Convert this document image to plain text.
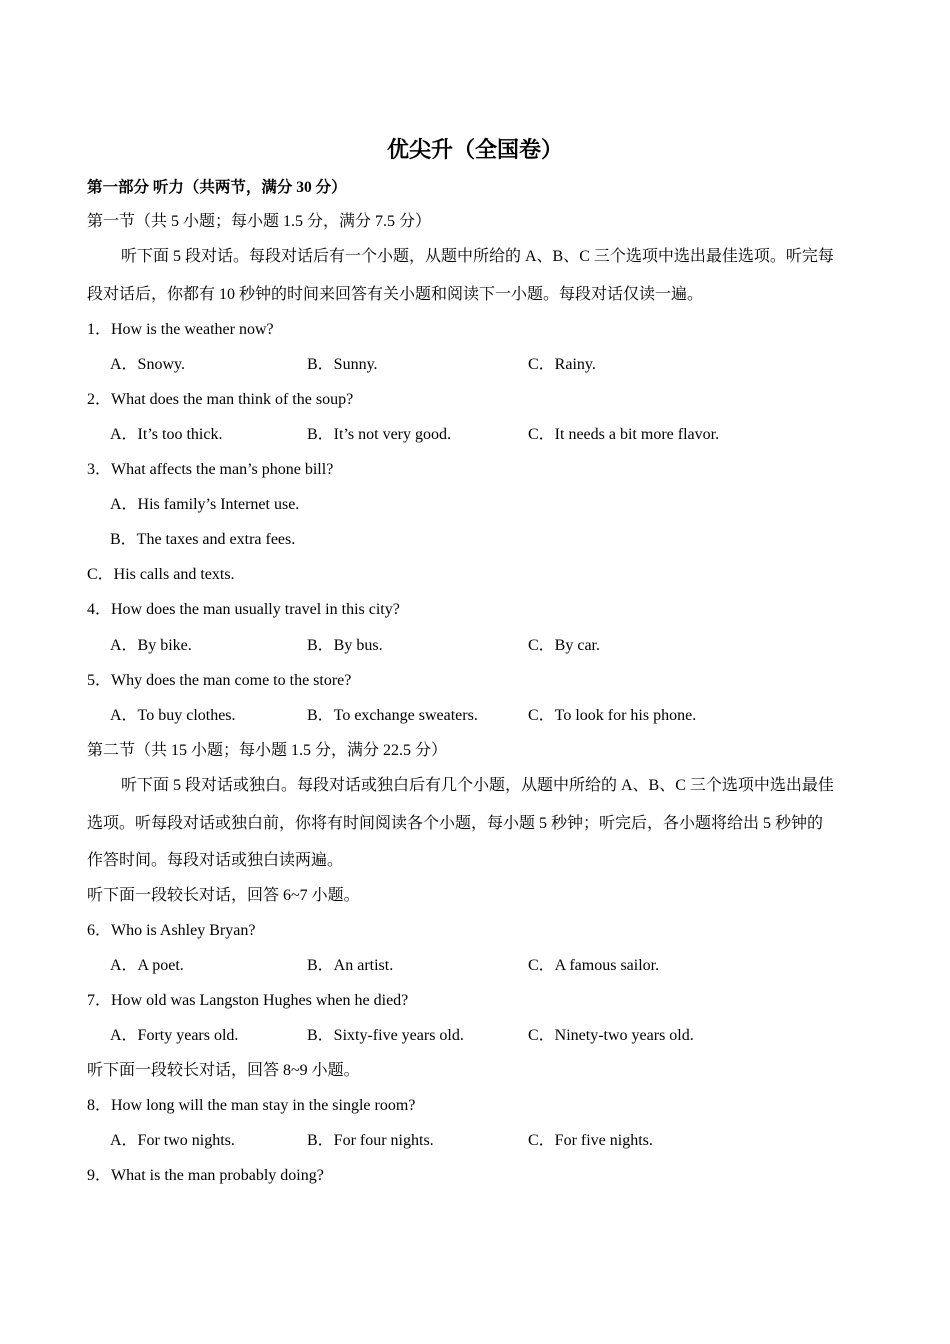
优尖升（全国卷）
第一部分 听力（共两节，满分 30 分）
第一节（共 5 小题；每小题 1.5 分，满分 7.5 分）
听下面 5 段对话。每段对话后有一个小题，从题中所给的 A、B、C 三个选项中选出最佳选项。听完每
段对话后，你都有 10 秒钟的时间来回答有关小题和阅读下一小题。每段对话仅读一遍。
1．How is the weather now?
A．Snowy.	B．Sunny.	C．Rainy.
2．What does the man think of the soup?
A．It’s too thick.	B．It’s not very good.	C．It needs a bit more flavor.
3．What affects the man’s phone bill?
A．His family’s Internet use.
B．The taxes and extra fees.
C．His calls and texts.
4．How does the man usually travel in this city?
A．By bike.	B．By bus.	C．By car.
5．Why does the man come to the store?
A．To buy clothes.	B．To exchange sweaters.	C．To look for his phone.
第二节（共 15 小题；每小题 1.5 分，满分 22.5 分）
听下面 5 段对话或独白。每段对话或独白后有几个小题，从题中所给的 A、B、C 三个选项中选出最佳
选项。听每段对话或独白前，你将有时间阅读各个小题，每小题 5 秒钟；听完后，各小题将给出 5 秒钟的
作答时间。每段对话或独白读两遍。
听下面一段较长对话，回答 6~7 小题。
6．Who is Ashley Bryan?
A．A poet.	B．An artist.	C．A famous sailor.
7．How old was Langston Hughes when he died?
A．Forty years old.	B．Sixty-five years old.	C．Ninety-two years old.
听下面一段较长对话，回答 8~9 小题。
8．How long will the man stay in the single room?
A．For two nights.	B．For four nights.	C．For five nights.
9．What is the man probably doing?
